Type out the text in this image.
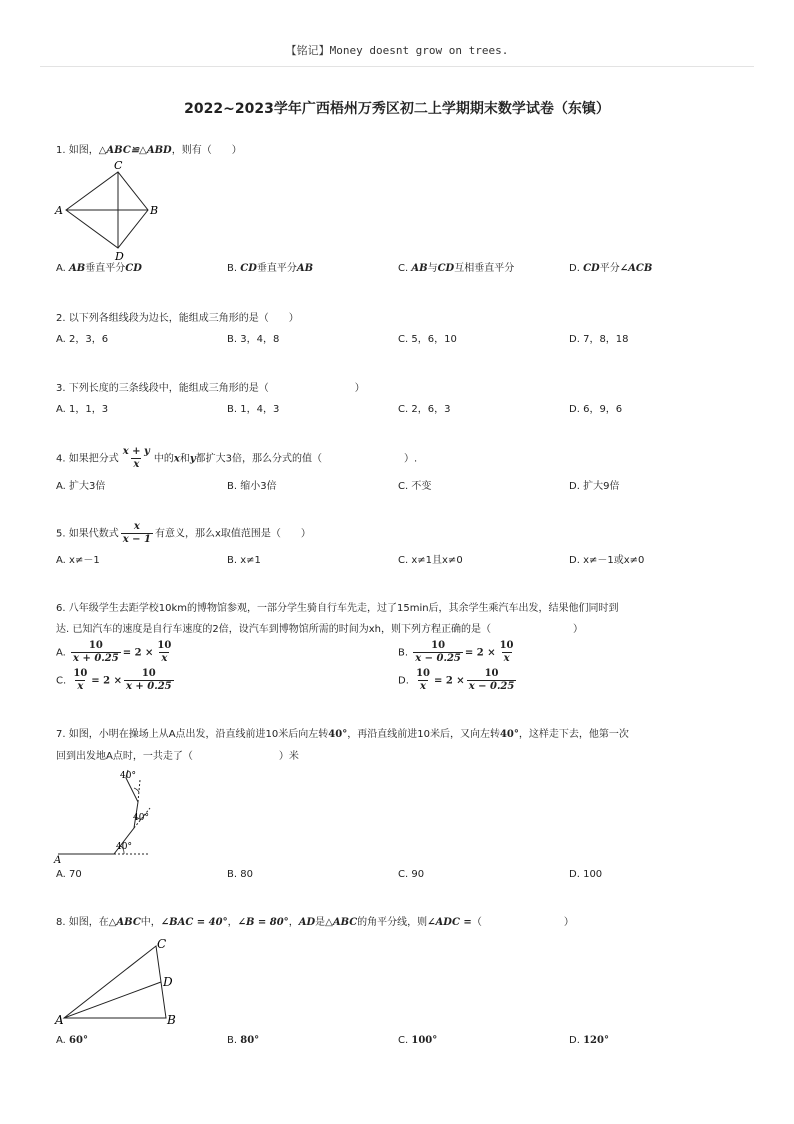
【铭记】Money doesnt grow on trees.
2022~2023学年广西梧州万秀区初二上学期期末数学试卷（东镇）
1. 如图，△ABC≌△ABD，则有（　　）
C
A	B
D
A. AB垂直平分CD	B. CD垂直平分AB	C. AB与CD互相垂直平分	D. CD平分∠ACB
2. 以下列各组线段为边长，能组成三角形的是（　　）
A. 2，3，6	B. 3，4，8	C. 5，6，10	D. 7，8，18
3. 下列长度的三条线段中，能组成三角形的是（	）
A. 1，1，3	B. 1，4，3	C. 2，6，3	D. 6，9，6
4. 如果把分式 $\frac{x + y}{x}$ 中的x和y都扩大3倍，那么分式的值（	）.
A. 扩大3倍	B. 缩小3倍	C. 不变	D. 扩大9倍
5. 如果代数式 $\frac{x}{x - 1}$ 有意义，那么x取值范围是（　　）
A. x≠－1	B. x≠1	C. x≠1且x≠0	D. x≠－1或x≠0
6. 八年级学生去距学校10km的博物馆参观，一部分学生骑自行车先走，过了15min后，其余学生乘汽车出发，结果他们同时到
达. 已知汽车的速度是自行车速度的2倍，设汽车到博物馆所需的时间为xh，则下列方程正确的是（	）
A. $\frac{10}{x + 0.25} = 2 \times \frac{10}{x}$	B. $\frac{10}{x - 0.25} = 2 \times \frac{10}{x}$
C. $\frac{10}{x} = 2 \times \frac{10}{x + 0.25}$	D. $\frac{10}{x} = 2 \times \frac{10}{x - 0.25}$
7. 如图，小明在操场上从A点出发，沿直线前进10米后向左转40°，再沿直线前进10米后，又向左转40°，这样走下去，他第一次
回到出发地A点时，一共走了（	）米
40°
40°
40°
A
A. 70	B. 80	C. 90	D. 100
8. 如图，在△ABC中，∠BAC = 40°，∠B = 80°，AD是△ABC的角平分线，则∠ADC =（	）
C
D
A	B
A. 60°	B. 80°	C. 100°	D. 120°
